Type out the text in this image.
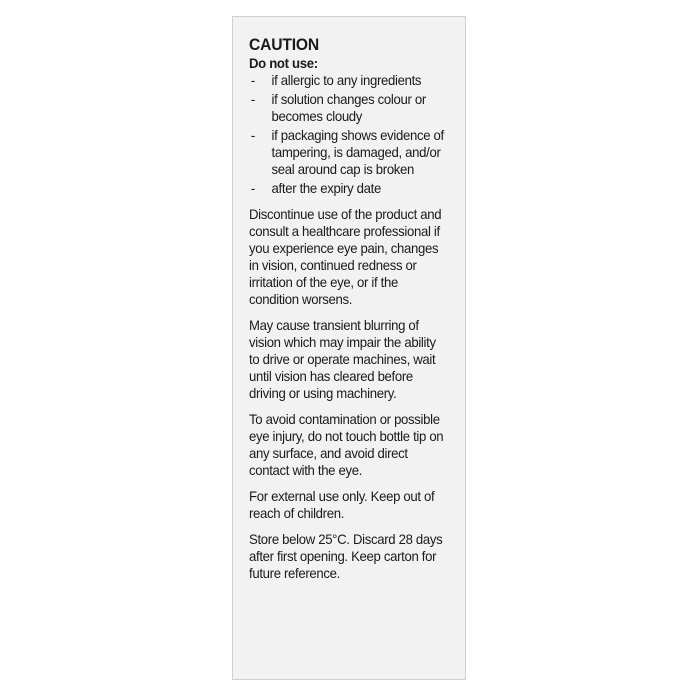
CAUTION
Do not use:
- if allergic to any ingredients
- if solution changes colour or becomes cloudy
- if packaging shows evidence of tampering, is damaged, and/or seal around cap is broken
- after the expiry date

Discontinue use of the product and consult a healthcare professional if you experience eye pain, changes in vision, continued redness or irritation of the eye, or if the condition worsens.

May cause transient blurring of vision which may impair the ability to drive or operate machines, wait until vision has cleared before driving or using machinery.

To avoid contamination or possible eye injury, do not touch bottle tip on any surface, and avoid direct contact with the eye.

For external use only. Keep out of reach of children.

Store below 25°C. Discard 28 days after first opening. Keep carton for future reference.
